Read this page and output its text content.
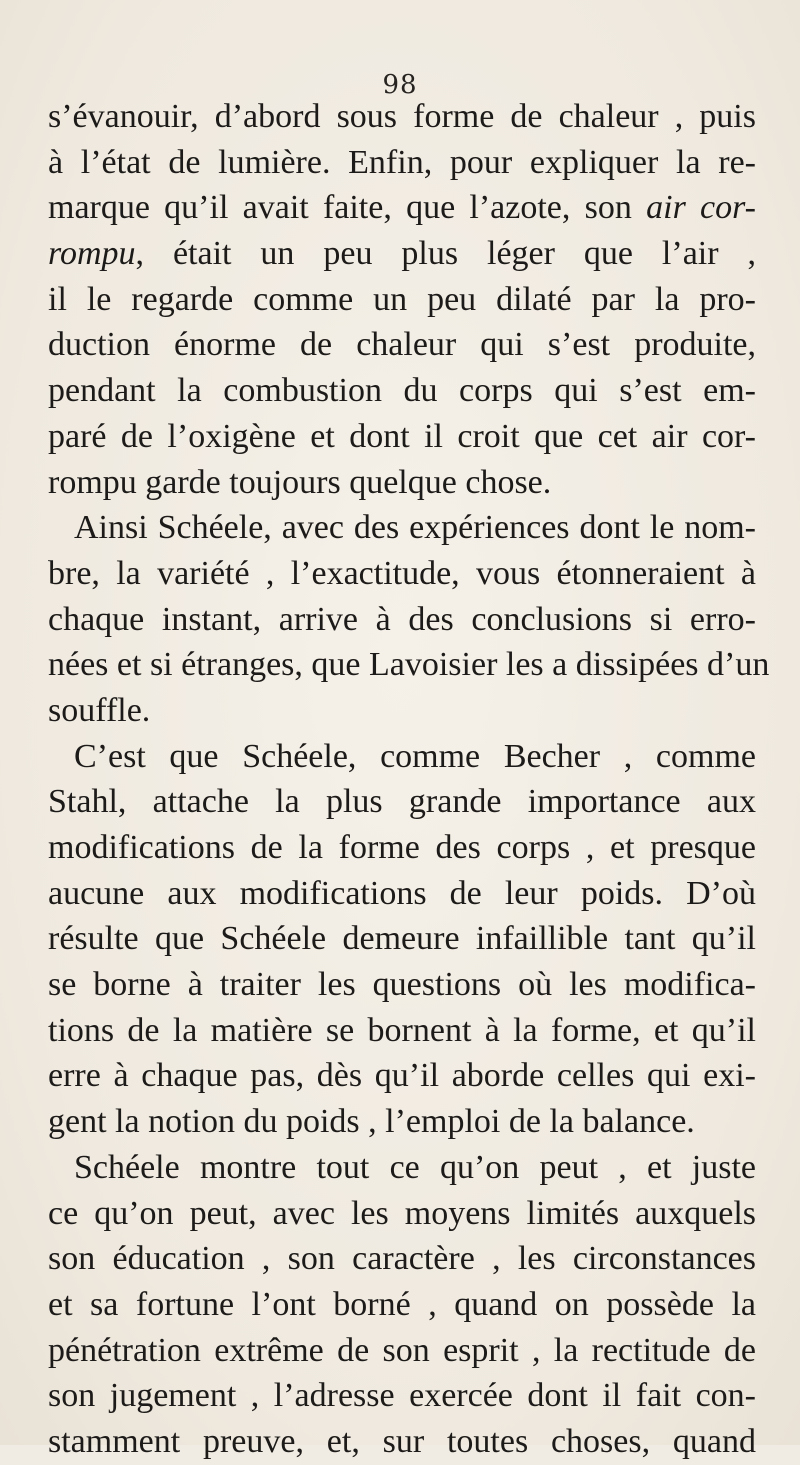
98
s’évanouir, d’abord sous forme de chaleur , puis
à l’état de lumière. Enfin, pour expliquer la re-
marque qu’il avait faite, que l’azote, son air cor-
rompu, était un peu plus léger que l’air ,
il le regarde comme un peu dilaté par la pro-
duction énorme de chaleur qui s’est produite,
pendant la combustion du corps qui s’est em-
paré de l’oxigène et dont il croit que cet air cor-
rompu garde toujours quelque chose.
Ainsi Schéele, avec des expériences dont le nom-
bre, la variété , l’exactitude, vous étonneraient à
chaque instant, arrive à des conclusions si erro-
nées et si étranges, que Lavoisier les a dissipées d’un
souffle.
C’est que Schéele, comme Becher , comme
Stahl, attache la plus grande importance aux
modifications de la forme des corps , et presque
aucune aux modifications de leur poids. D’où
résulte que Schéele demeure infaillible tant qu’il
se borne à traiter les questions où les modifica-
tions de la matière se bornent à la forme, et qu’il
erre à chaque pas, dès qu’il aborde celles qui exi-
gent la notion du poids , l’emploi de la balance.
Schéele montre tout ce qu’on peut , et juste
ce qu’on peut, avec les moyens limités auxquels
son éducation , son caractère , les circonstances
et sa fortune l’ont borné , quand on possède la
pénétration extrême de son esprit , la rectitude de
son jugement , l’adresse exercée dont il fait con-
stamment preuve, et, sur toutes choses, quand
